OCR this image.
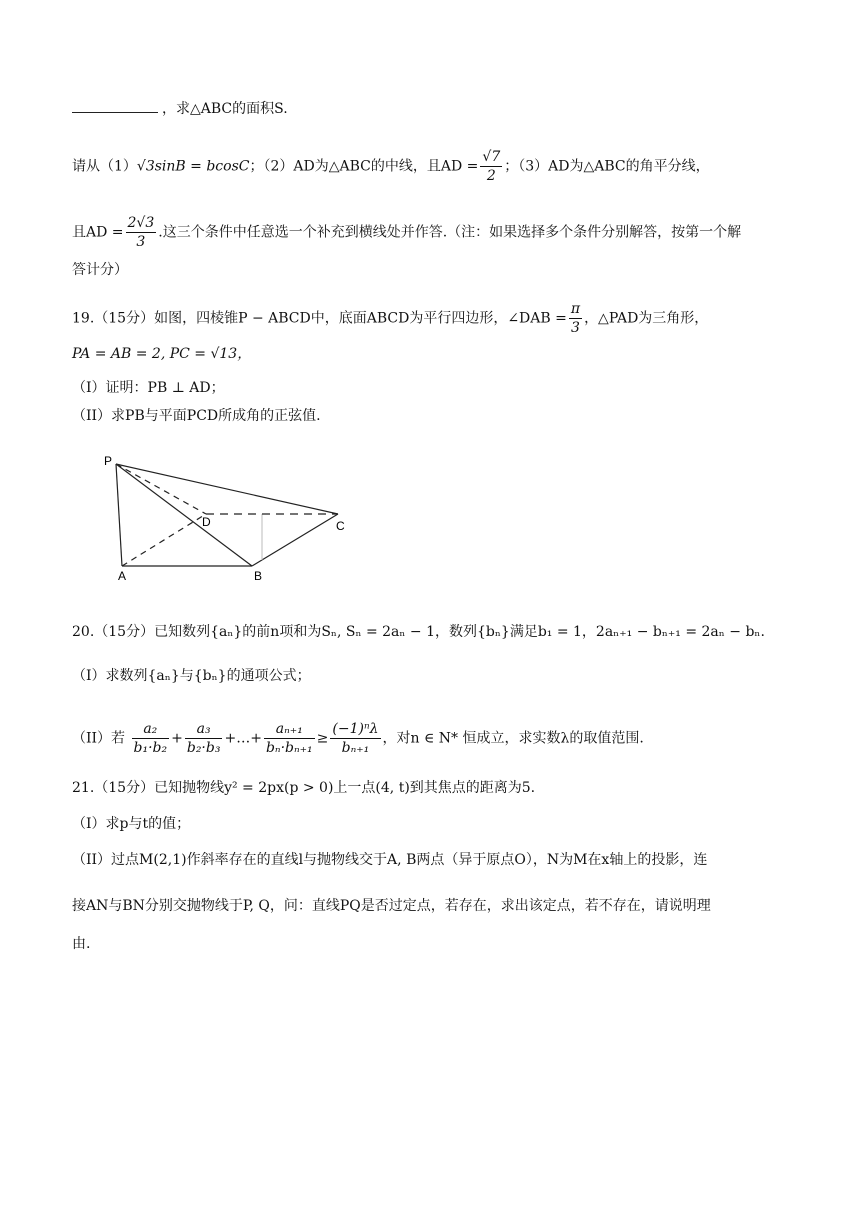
，求△ABC的面积S.
请从（1）√3sinB = bcosC；（2）AD为△ABC的中线，且AD = $\frac{√7}{2}$ ；（3）AD为△ABC的角平分线，
且AD = $\frac{2√3}{3}$ .这三个条件中任意选一个补充到横线处并作答.（注：如果选择多个条件分别解答，按第一个解
答计分）
19.（15分）如图，四棱锥P − ABCD中，底面ABCD为平行四边形，∠DAB = $\frac{\pi}{3}$ ，△PAD为三角形，
PA = AB = 2, PC = √13，
（I）证明：PB ⊥ AD；
（II）求PB与平面PCD所成角的正弦值.
P
D	C
A	B
20.（15分）已知数列{aₙ}的前n项和为Sₙ, Sₙ = 2aₙ − 1，数列{bₙ}满足b₁ = 1，2aₙ₊₁ − bₙ₊₁ = 2aₙ − bₙ.
（I）求数列{aₙ}与{bₙ}的通项公式；
（II）若 $\frac{\text{a₂}}{\text{b₁·b₂}} + \frac{\text{a₃}}{\text{b₂·b₃}}$ +…+ $\frac{\text{aₙ₊₁}}{\text{bₙ·bₙ₊₁}} \ge \frac{\text{(−1)ⁿλ}}{\text{bₙ₊₁}}$ ，对n ∈ N* 恒成立，求实数λ的取值范围.
21.（15分）已知抛物线y² = 2px(p > 0)上一点(4, t)到其焦点的距离为5.
（I）求p与t的值；
（II）过点M(2,1)作斜率存在的直线l与抛物线交于A, B两点（异于原点O），N为M在x轴上的投影，连
接AN与BN分别交抛物线于P, Q，问：直线PQ是否过定点，若存在，求出该定点，若不存在，请说明理
由.
